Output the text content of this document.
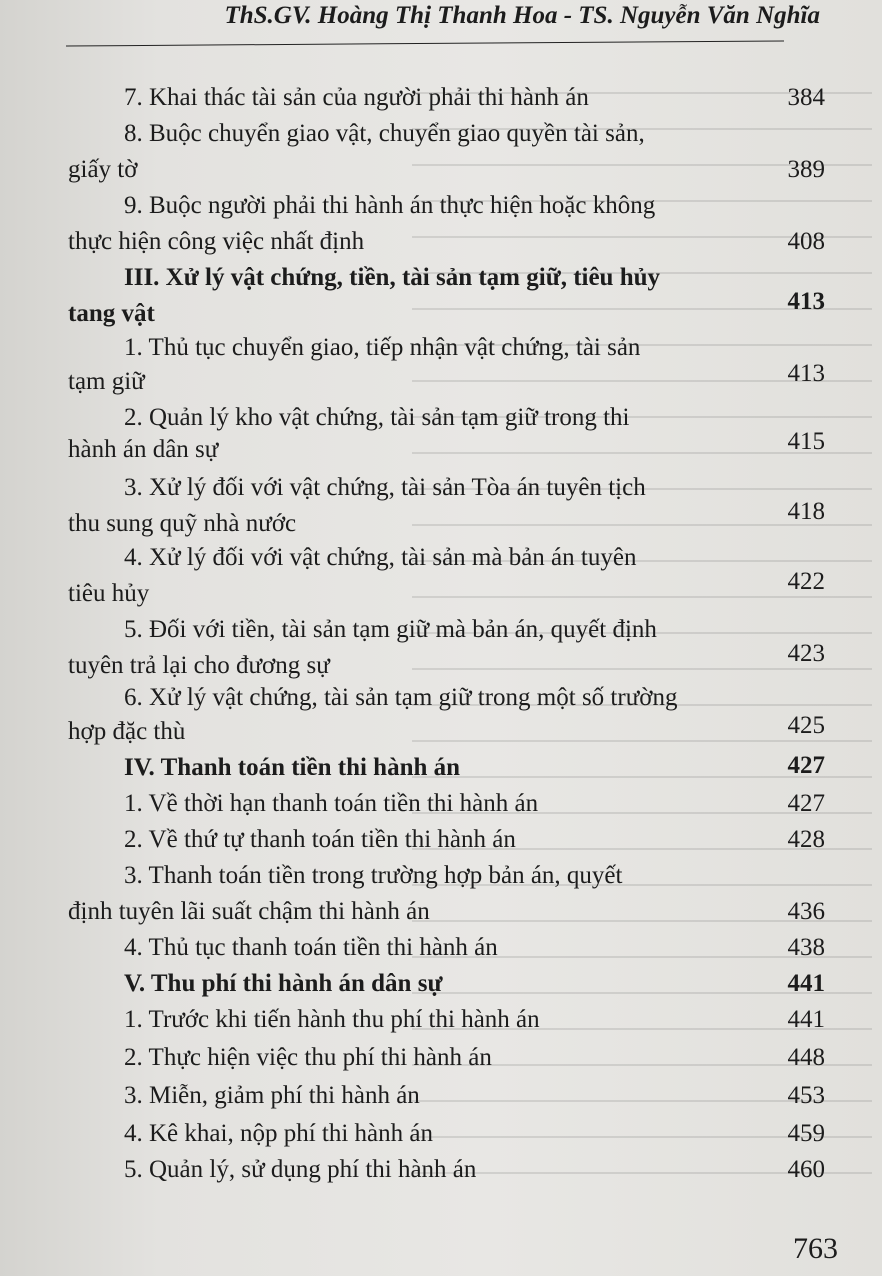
ThS.GV. Hoàng Thị Thanh Hoa - TS. Nguyễn Văn Nghĩa
7. Khai thác tài sản của người phải thi hành án	384
8. Buộc chuyển giao vật, chuyển giao quyền tài sản,
giấy tờ	389
9. Buộc người phải thi hành án thực hiện hoặc không
thực hiện công việc nhất định	408
III. Xử lý vật chứng, tiền, tài sản tạm giữ, tiêu hủy
tang vật	413
1. Thủ tục chuyển giao, tiếp nhận vật chứng, tài sản
tạm giữ	413
2. Quản lý kho vật chứng, tài sản tạm giữ trong thi
hành án dân sự	415
3. Xử lý đối với vật chứng, tài sản Tòa án tuyên tịch
thu sung quỹ nhà nước	418
4. Xử lý đối với vật chứng, tài sản mà bản án tuyên
tiêu hủy	422
5. Đối với tiền, tài sản tạm giữ mà bản án, quyết định
tuyên trả lại cho đương sự	423
6. Xử lý vật chứng, tài sản tạm giữ trong một số trường
hợp đặc thù	425
IV. Thanh toán tiền thi hành án	427
1. Về thời hạn thanh toán tiền thi hành án	427
2. Về thứ tự thanh toán tiền thi hành án	428
3. Thanh toán tiền trong trường hợp bản án, quyết
định tuyên lãi suất chậm thi hành án	436
4. Thủ tục thanh toán tiền thi hành án	438
V. Thu phí thi hành án dân sự	441
1. Trước khi tiến hành thu phí thi hành án	441
2. Thực hiện việc thu phí thi hành án	448
3. Miễn, giảm phí thi hành án	453
4. Kê khai, nộp phí thi hành án	459
5. Quản lý, sử dụng phí thi hành án	460
763
